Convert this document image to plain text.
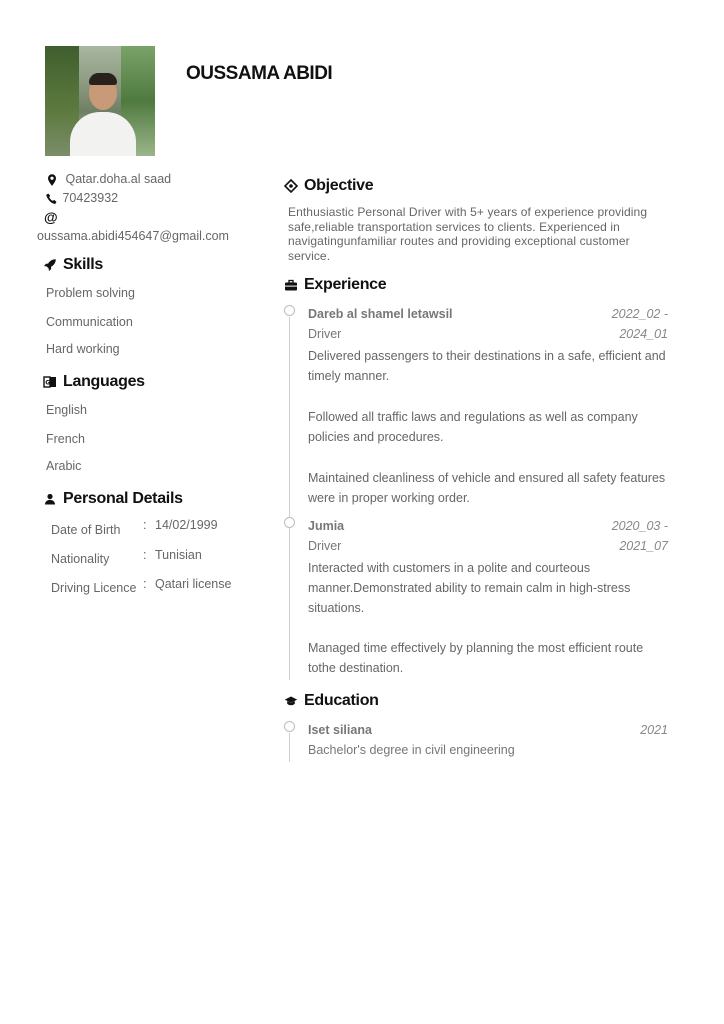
OUSSAMA ABIDI
Qatar.doha.al saad
70423932
@
oussama.abidi454647@gmail.com
Skills
Problem solving
Communication
Hard working
G Languages
English
French
Arabic
Personal Details
Date of Birth : 14/02/1999
Nationality	: Tunisian
Driving Licence : Qatari license
Objective
Enthusiastic Personal Driver with 5+ years of experience providing safe,reliable transportation services to clients. Experienced in navigatingunfamiliar routes and providing exceptional customer service.
Experience
Dareb al shamel letawsil	2022_02 -
Driver	2024_01
Delivered passengers to their destinations in a safe, efficient and timely manner.
Followed all traffic laws and regulations as well as company policies and procedures.
Maintained cleanliness of vehicle and ensured all safety features were in proper working order.
Jumia	2020_03 -
Driver	2021_07
Interacted with customers in a polite and courteous manner.Demonstrated ability to remain calm in high-stress situations.
Managed time effectively by planning the most efficient route tothe destination.
Education
Iset siliana	2021
Bachelor's degree in civil engineering
